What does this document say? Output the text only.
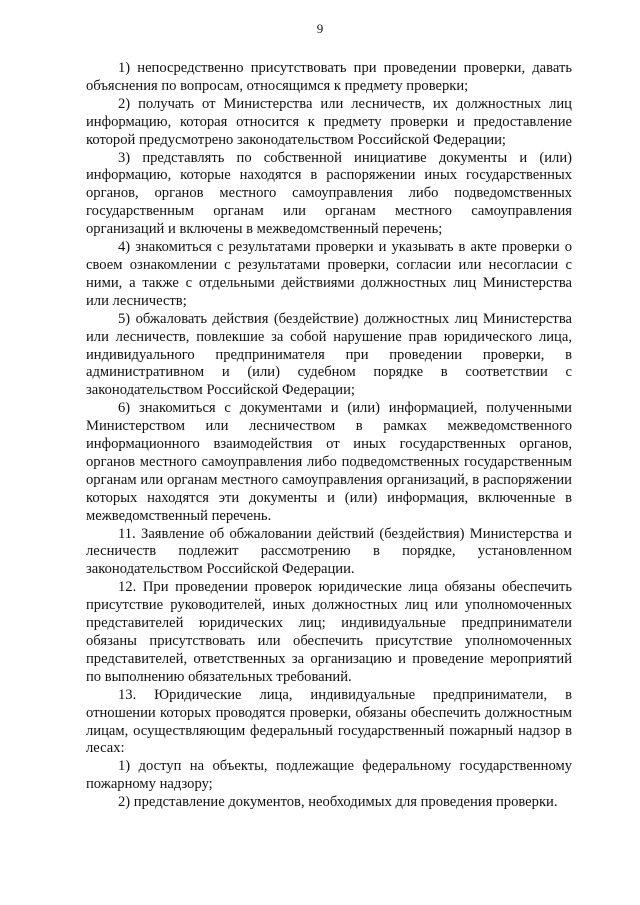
9

1) непосредственно присутствовать при проведении проверки, давать объяснения по вопросам, относящимся к предмету проверки;

2) получать от Министерства или лесничеств, их должностных лиц информацию, которая относится к предмету проверки и предоставление которой предусмотрено законодательством Российской Федерации;

3) представлять по собственной инициативе документы и (или) информацию, которые находятся в распоряжении иных государственных органов, органов местного самоуправления либо подведомственных государственным органам или органам местного самоуправления организаций и включены в межведомственный перечень;

4) знакомиться с результатами проверки и указывать в акте проверки о своем ознакомлении с результатами проверки, согласии или несогласии с ними, а также с отдельными действиями должностных лиц Министерства или лесничеств;

5) обжаловать действия (бездействие) должностных лиц Министерства или лесничеств, повлекшие за собой нарушение прав юридического лица, индивидуального предпринимателя при проведении проверки, в административном и (или) судебном порядке в соответствии с законодательством Российской Федерации;

6) знакомиться с документами и (или) информацией, полученными Министерством или лесничеством в рамках межведомственного информационного взаимодействия от иных государственных органов, органов местного самоуправления либо подведомственных государственным органам или органам местного самоуправления организаций, в распоряжении которых находятся эти документы и (или) информация, включенные в межведомственный перечень.

11. Заявление об обжаловании действий (бездействия) Министерства и лесничеств подлежит рассмотрению в порядке, установленном законодательством Российской Федерации.

12. При проведении проверок юридические лица обязаны обеспечить присутствие руководителей, иных должностных лиц или уполномоченных представителей юридических лиц; индивидуальные предприниматели обязаны присутствовать или обеспечить присутствие уполномоченных представителей, ответственных за организацию и проведение мероприятий по выполнению обязательных требований.

13. Юридические лица, индивидуальные предприниматели, в отношении которых проводятся проверки, обязаны обеспечить должностным лицам, осуществляющим федеральный государственный пожарный надзор в лесах:

1) доступ на объекты, подлежащие федеральному государственному пожарному надзору;

2) представление документов, необходимых для проведения проверки.
